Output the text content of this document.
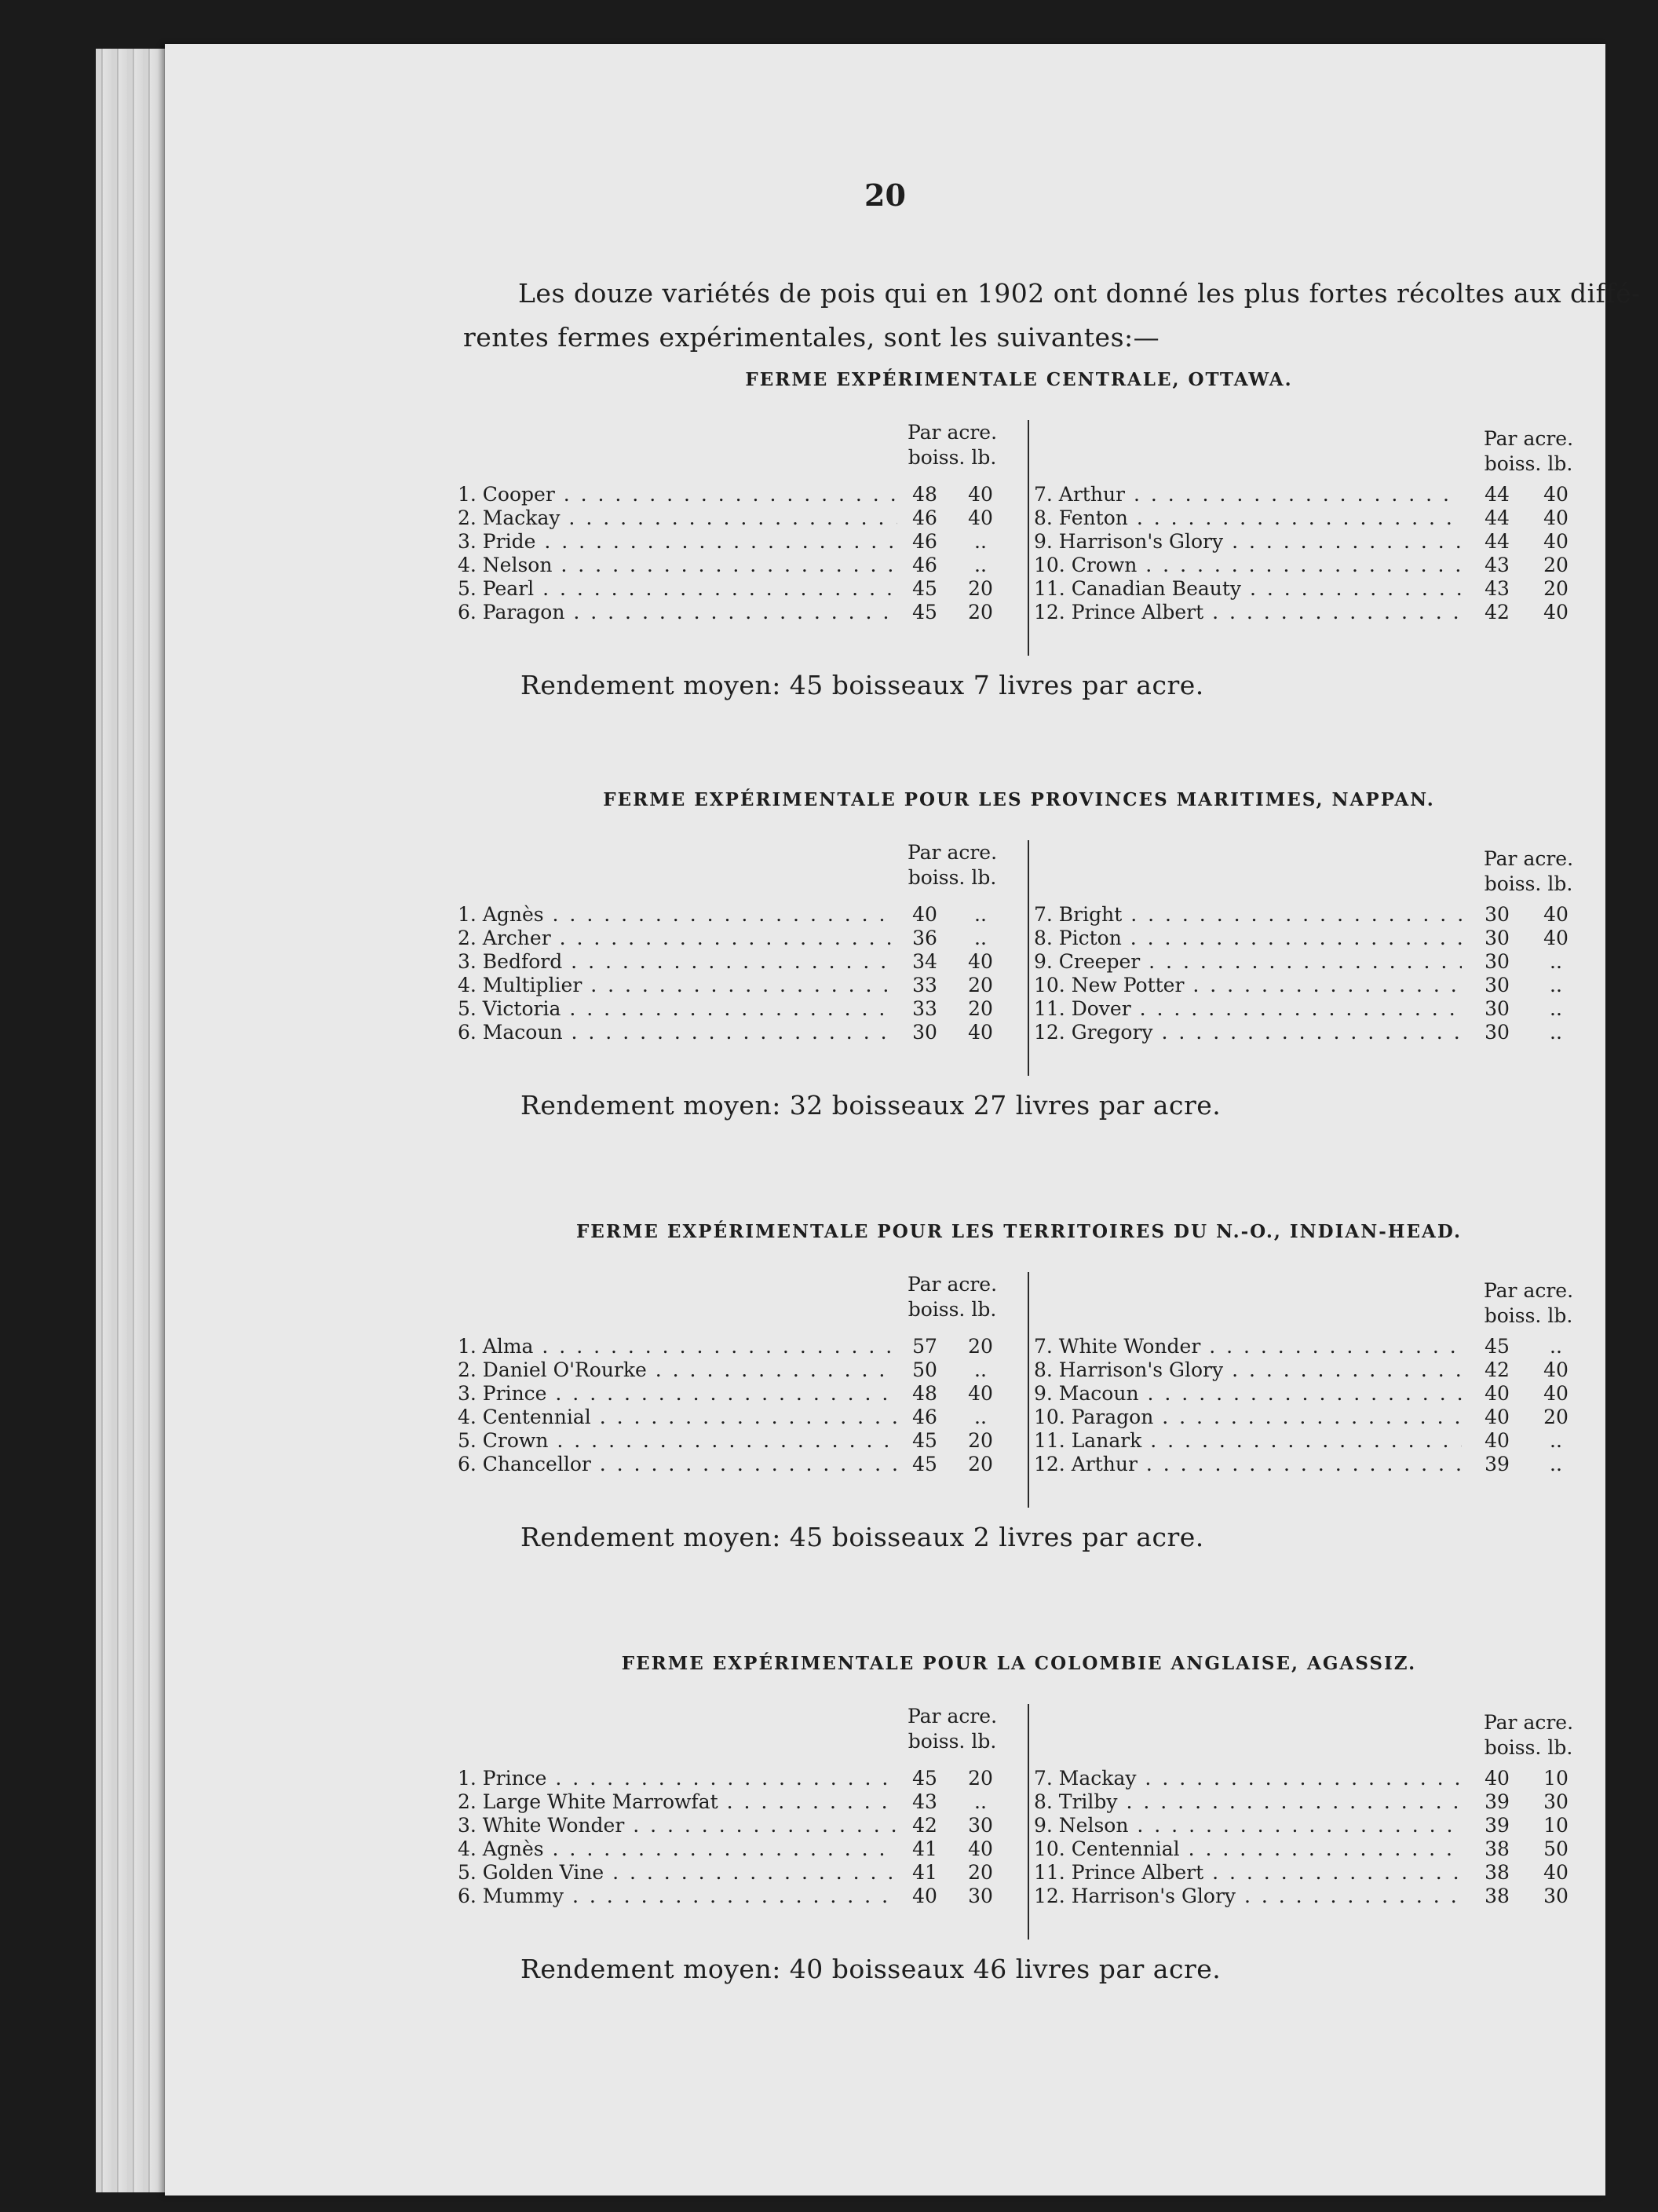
20
Les douze variétés de pois qui en 1902 ont donné les plus fortes récoltes aux diffé-
rentes fermes expérimentales, sont les suivantes:—
FERME EXPÉRIMENTALE CENTRALE, OTTAWA.
Par acre.
boiss. lb.
1. Cooper . . .	48	40
2. Mackay . . .	46	40
3. Pride . . .	46	..
4. Nelson . . .	46	..
5. Pearl . . .	45	20
6. Paragon . . .	45	20
Par acre.
boiss. lb.
7. Arthur . . .	44	40
8. Fenton . . .	44	40
9. Harrison's Glory . . .	44	40
10. Crown . . .	43	20
11. Canadian Beauty . . .	43	20
12. Prince Albert . . .	42	40
Rendement moyen: 45 boisseaux 7 livres par acre.
FERME EXPÉRIMENTALE POUR LES PROVINCES MARITIMES, NAPPAN.
Par acre.
boiss. lb.
1. Agnès . . .	40	..
2. Archer . . .	36	..
3. Bedford . . .	34	40
4. Multiplier . . .	33	20
5. Victoria . . .	33	20
6. Macoun . . .	30	40
Par acre.
boiss. lb.
7. Bright . . .	30	40
8. Picton . . .	30	40
9. Creeper . . .	30	..
10. New Potter . . .	30	..
11. Dover . . .	30	..
12. Gregory . . .	30	..
Rendement moyen: 32 boisseaux 27 livres par acre.
FERME EXPÉRIMENTALE POUR LES TERRITOIRES DU N.-O., INDIAN-HEAD.
Par acre.
boiss. lb.
1. Alma . . .	57	20
2. Daniel O'Rourke . . .	50	..
3. Prince . . .	48	40
4. Centennial . . .	46	..
5. Crown . . .	45	20
6. Chancellor . . .	45	20
Par acre.
boiss. lb.
7. White Wonder . . .	45	..
8. Harrison's Glory . . .	42	40
9. Macoun . . .	40	40
10. Paragon . . .	40	20
11. Lanark . . .	40	..
12. Arthur . . .	39	..
Rendement moyen: 45 boisseaux 2 livres par acre.
FERME EXPÉRIMENTALE POUR LA COLOMBIE ANGLAISE, AGASSIZ.
Par acre.
boiss. lb.
1. Prince . . .	45	20
2. Large White Marrowfat . . .	43	..
3. White Wonder . . .	42	30
4. Agnès . . .	41	40
5. Golden Vine . . .	41	20
6. Mummy . . .	40	30
Par acre.
boiss. lb.
7. Mackay . . .	40	10
8. Trilby . . .	39	30
9. Nelson . . .	39	10
10. Centennial . . .	38	50
11. Prince Albert . . .	38	40
12. Harrison's Glory . . .	38	30
Rendement moyen: 40 boisseaux 46 livres par acre.
